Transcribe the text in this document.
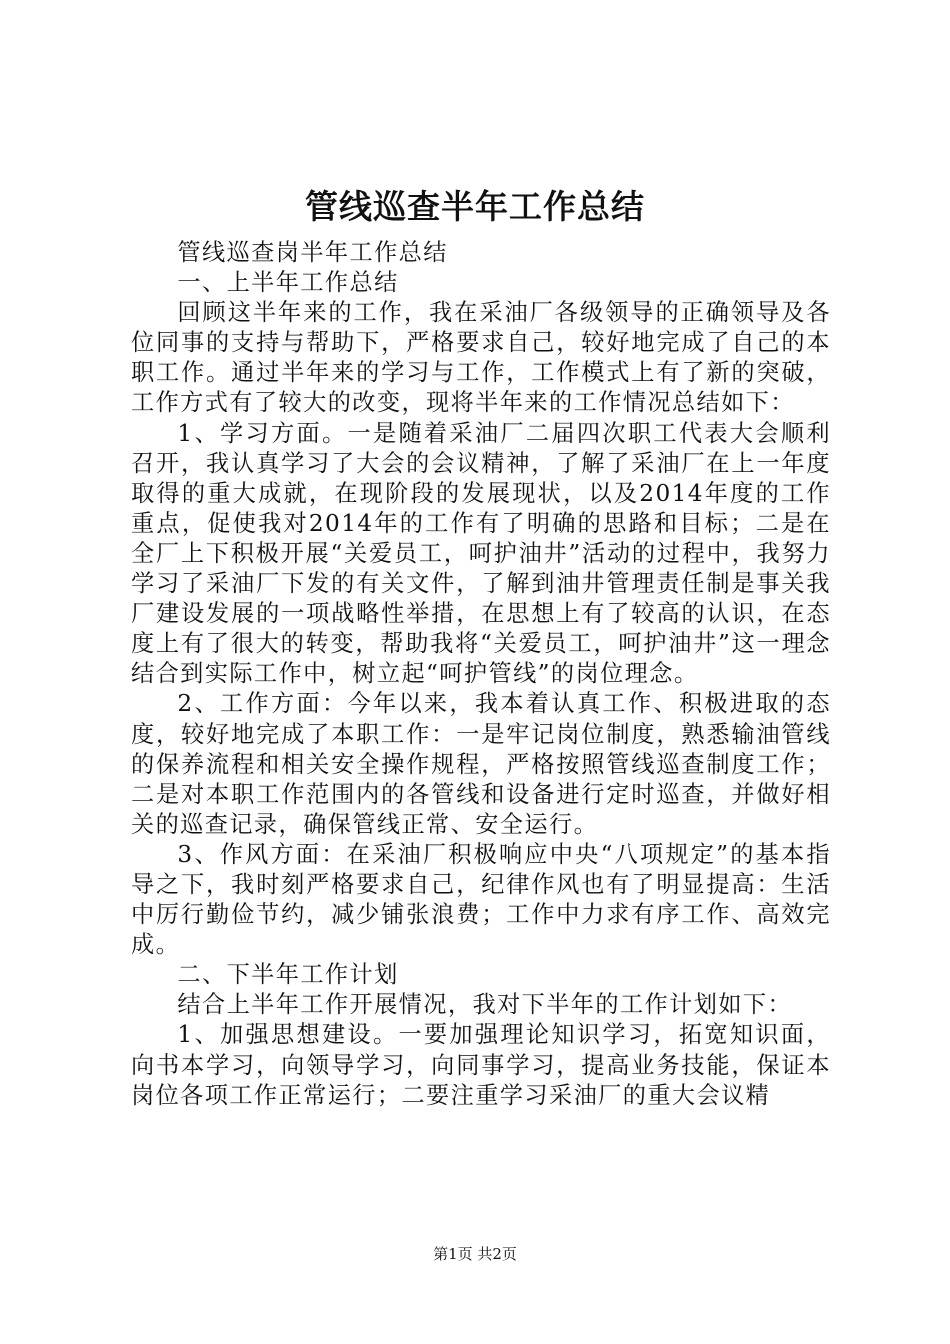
管线巡查半年工作总结

管线巡查岗半年工作总结

一、上半年工作总结

回顾这半年来的工作，我在采油厂各级领导的正确领导及各位同事的支持与帮助下，严格要求自己，较好地完成了自己的本职工作。通过半年来的学习与工作，工作模式上有了新的突破，工作方式有了较大的改变，现将半年来的工作情况总结如下：

1、学习方面。一是随着采油厂二届四次职工代表大会顺利召开，我认真学习了大会的会议精神，了解了采油厂在上一年度取得的重大成就，在现阶段的发展现状，以及2014年度的工作重点，促使我对2014年的工作有了明确的思路和目标；二是在全厂上下积极开展“关爱员工，呵护油井”活动的过程中，我努力学习了采油厂下发的有关文件，了解到油井管理责任制是事关我厂建设发展的一项战略性举措，在思想上有了较高的认识，在态度上有了很大的转变，帮助我将“关爱员工，呵护油井”这一理念结合到实际工作中，树立起“呵护管线”的岗位理念。

2、工作方面：今年以来，我本着认真工作、积极进取的态度，较好地完成了本职工作：一是牢记岗位制度，熟悉输油管线的保养流程和相关安全操作规程，严格按照管线巡查制度工作；二是对本职工作范围内的各管线和设备进行定时巡查，并做好相关的巡查记录，确保管线正常、安全运行。

3、作风方面：在采油厂积极响应中央“八项规定”的基本指导之下，我时刻严格要求自己，纪律作风也有了明显提高：生活中厉行勤俭节约，减少铺张浪费；工作中力求有序工作、高效完成。

二、下半年工作计划

结合上半年工作开展情况，我对下半年的工作计划如下：

1、加强思想建设。一要加强理论知识学习，拓宽知识面，向书本学习，向领导学习，向同事学习，提高业务技能，保证本岗位各项工作正常运行；二要注重学习采油厂的重大会议精

第1页 共2页
